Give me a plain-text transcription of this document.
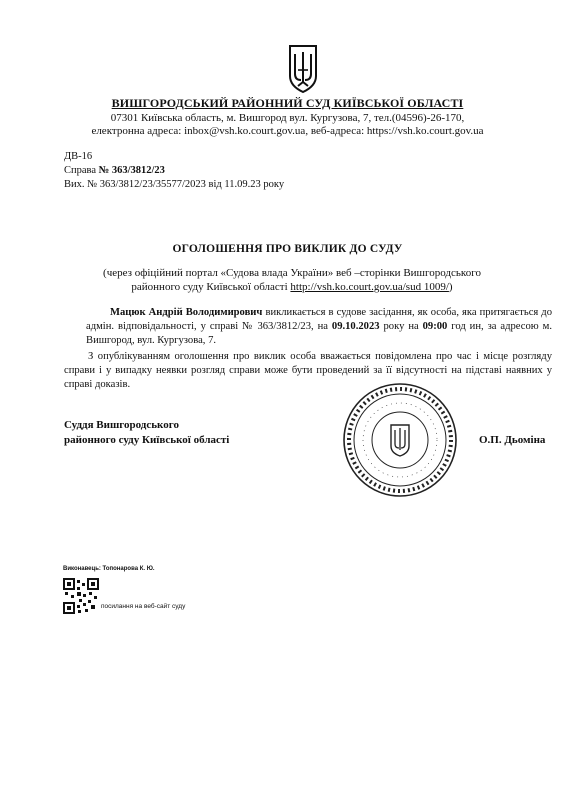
ВИШГОРОДСЬКИЙ РАЙОННИЙ СУД КИЇВСЬКОЇ ОБЛАСТІ
07301 Київська область, м. Вишгород вул. Кургузова, 7, тел.(04596)-26-170,
електронна адреса: inbox@vsh.ko.court.gov.ua, веб-адреса: https://vsh.ko.court.gov.ua
ДВ-16
Справа № 363/3812/23
Вих. № 363/3812/23/35577/2023 від 11.09.23 року
ОГОЛОШЕННЯ ПРО ВИКЛИК ДО СУДУ
(через офіційний портал «Судова влада України» веб –сторінки Вишгородського районного суду Київської області http://vsh.ko.court.gov.ua/sud 1009/)
Мацюк Андрій Володимирович викликається в судове засідання, як особа, яка притягається до адмін. відповідальності, у справі № 363/3812/23, на 09.10.2023 року на 09:00 год ин, за адресою м. Вишгород, вул. Кургузова, 7.
З опублікуванням оголошення про виклик особа вважається повідомлена про час і місце розгляду справи і у випадку неявки розгляд справи може бути проведений за її відсутності на підставі наявних у справі доказів.
Суддя Вишгородського
районного суду Київської області	О.П. Дьоміна
Виконавець: Топонарова К. Ю.
посилання на веб-сайт суду
